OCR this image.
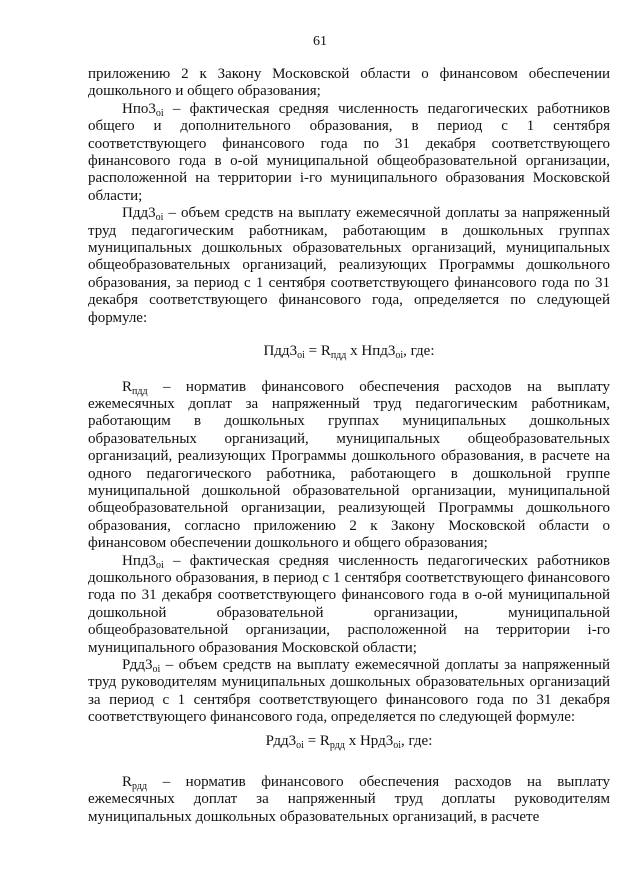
61

приложению 2 к Закону Московской области о финансовом обеспечении дошкольного и общего образования;

$Нпо3_{oi}$ – фактическая средняя численность педагогических работников общего и дополнительного образования, в период с 1 сентября соответствующего финансового года по 31 декабря соответствующего финансового года в о-ой муниципальной общеобразовательной организации, расположенной на территории i-го муниципального образования Московской области;

$Пдд3_{oi}$ – объем средств на выплату ежемесячной доплаты за напряженный труд педагогическим работникам, работающим в дошкольных группах муниципальных дошкольных образовательных организаций, муниципальных общеобразовательных организаций, реализующих Программы дошкольного образования, за период с 1 сентября соответствующего финансового года по 31 декабря соответствующего финансового года, определяется по следующей формуле:

$Пдд3_{oi} = R_{пдд}$ х $Нпд3_{oi}$, где:

$R_{пдд}$ – норматив финансового обеспечения расходов на выплату ежемесячных доплат за напряженный труд педагогическим работникам, работающим в дошкольных группах муниципальных дошкольных образовательных организаций, муниципальных общеобразовательных организаций, реализующих Программы дошкольного образования, в расчете на одного педагогического работника, работающего в дошкольной группе муниципальной дошкольной образовательной организации, муниципальной общеобразовательной организации, реализующей Программы дошкольного образования, согласно приложению 2 к Закону Московской области о финансовом обеспечении дошкольного и общего образования;

$Нпд3_{oi}$ – фактическая средняя численность педагогических работников дошкольного образования, в период с 1 сентября соответствующего финансового года по 31 декабря соответствующего финансового года в о-ой муниципальной дошкольной образовательной организации, муниципальной общеобразовательной организации, расположенной на территории i-го муниципального образования Московской области;

$Рдд3_{oi}$ – объем средств на выплату ежемесячной доплаты за напряженный труд руководителям муниципальных дошкольных образовательных организаций за период с 1 сентября соответствующего финансового года по 31 декабря соответствующего финансового года, определяется по следующей формуле:

$Рдд3_{oi} = R_{рдд}$ х $Нрд3_{oi}$, где:

$R_{рдд}$ – норматив финансового обеспечения расходов на выплату ежемесячных доплат за напряженный труд доплаты руководителям муниципальных дошкольных образовательных организаций, в расчете
